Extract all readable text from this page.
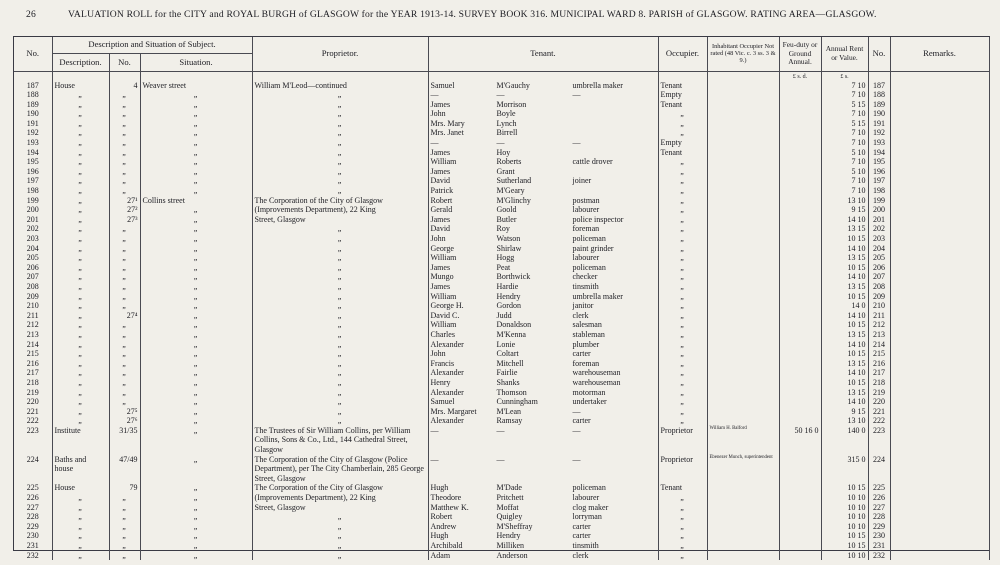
26	VALUATION ROLL for the CITY and ROYAL BURGH of GLASGOW for the YEAR 1913-14. SURVEY BOOK 316. MUNICIPAL WARD 8. PARISH of GLASGOW. RATING AREA—GLASGOW.
No.	Description and Situation of Subject.			Proprietor.	Tenant.	Occupier.	Inhabitant Occupier Not rated (48 Vic. c. 3 ss. 3 & 9.)	Feu-duty or Ground Annual.	Annual Rent or Value.	No.	Remarks.
	Description.	No.	Situation.								
								£ s. d.	£ s.		
187	House	4	Weaver street	William M'Leod—continued	Samuel M'Gauchy umbrella maker	Tenant			7 10	187	
188	„	„	„	„	— — —	Empty			7 10	188	
189	„	„	„	„	James Morrison	Tenant			5 15	189	
190	„	„	„	„	John Boyle	„			7 10	190	
191	„	„	„	„	Mrs. Mary Lynch	„			5 15	191	
192	„	„	„	„	Mrs. Janet Birrell	„			7 10	192	
193	„	„	„	„	— — —	Empty			7 10	193	
194	„	„	„	„	James Hoy	Tenant			5 10	194	
195	„	„	„	„	William Roberts cattle drover	„			7 10	195	
196	„	„	„	„	James Grant	„			5 10	196	
197	„	„	„	„	David Sutherland joiner	„			7 10	197	
198	„	„	„	„	Patrick M'Geary	„			7 10	198	
199	„	27¹	Collins street	The Corporation of the City of Glasgow	Robert M'Glinchy postman	„			13 10	199	
200	„	27²	„	(Improvements Department), 22 King	Gerald Goold labourer	„			9 15	200	
201	„	27³	„	Street, Glasgow	James Butler police inspector	„			14 10	201	
202	„	„	„	„	David Roy foreman	„			13 15	202	
203	„	„	„	„	John Watson policeman	„			10 15	203	
204	„	„	„	„	George Shirlaw paint grinder	„			14 10	204	
205	„	„	„	„	William Hogg labourer	„			13 15	205	
206	„	„	„	„	James Peat policeman	„			10 15	206	
207	„	„	„	„	Mungo Borthwick checker	„			14 10	207	
208	„	„	„	„	James Hardie tinsmith	„			13 15	208	
209	„	„	„	„	William Hendry umbrella maker	„			10 15	209	
210	„	„	„	„	George H. Gordon janitor	„			14 0	210	
211	„	27⁴	„	„	David C. Judd clerk	„			14 10	211	
212	„	„	„	„	William Donaldson salesman	„			10 15	212	
213	„	„	„	„	Charles M'Kenna stableman	„			13 15	213	
214	„	„	„	„	Alexander Lonie plumber	„			14 10	214	
215	„	„	„	„	John Coltart carter	„			10 15	215	
216	„	„	„	„	Francis Mitchell foreman	„			13 15	216	
217	„	„	„	„	Alexander Fairlie warehouseman	„			14 10	217	
218	„	„	„	„	Henry Shanks warehouseman	„			10 15	218	
219	„	„	„	„	Alexander Thomson motorman	„			13 15	219	
220	„	„	„	„	Samuel Cunningham undertaker	„			14 10	220	
221	„	27⁵	„	„	Mrs. Margaret M'Lean —	„			9 15	221	
222	„	27⁶	„	„	Alexander Ramsay carter	„			13 10	222	
223	Institute	31/35	„	The Trustees of Sir William Collins, per William Collins, Sons & Co., Ltd., 144 Cathedral Street, Glasgow	— — —	Proprietor	William H. Balford	50 16 0	140 0	223	
224	Baths and house	47/49	„	The Corporation of the City of Glasgow (Police Department), per The City Chamberlain, 285 George Street, Glasgow	— — —	Proprietor	Ebenezer Munch, superintendent		315 0	224	
225	House	79	„	The Corporation of the City of Glasgow	Hugh M'Dade policeman	Tenant			10 15	225	
226	„	„	„	(Improvements Department), 22 King	Theodore Pritchett labourer	„			10 10	226	
227	„	„	„	Street, Glasgow	Matthew K. Moffat clog maker	„			10 10	227	
228	„	„	„	„	Robert Quigley lorryman	„			10 10	228	
229	„	„	„	„	Andrew M'Sheffray carter	„			10 10	229	
230	„	„	„	„	Hugh Hendry carter	„			10 15	230	
231	„	„	„	„	Archibald Milliken tinsmith	„			10 15	231	
232	„	„	„	„	Adam Anderson clerk	„			10 10	232	
